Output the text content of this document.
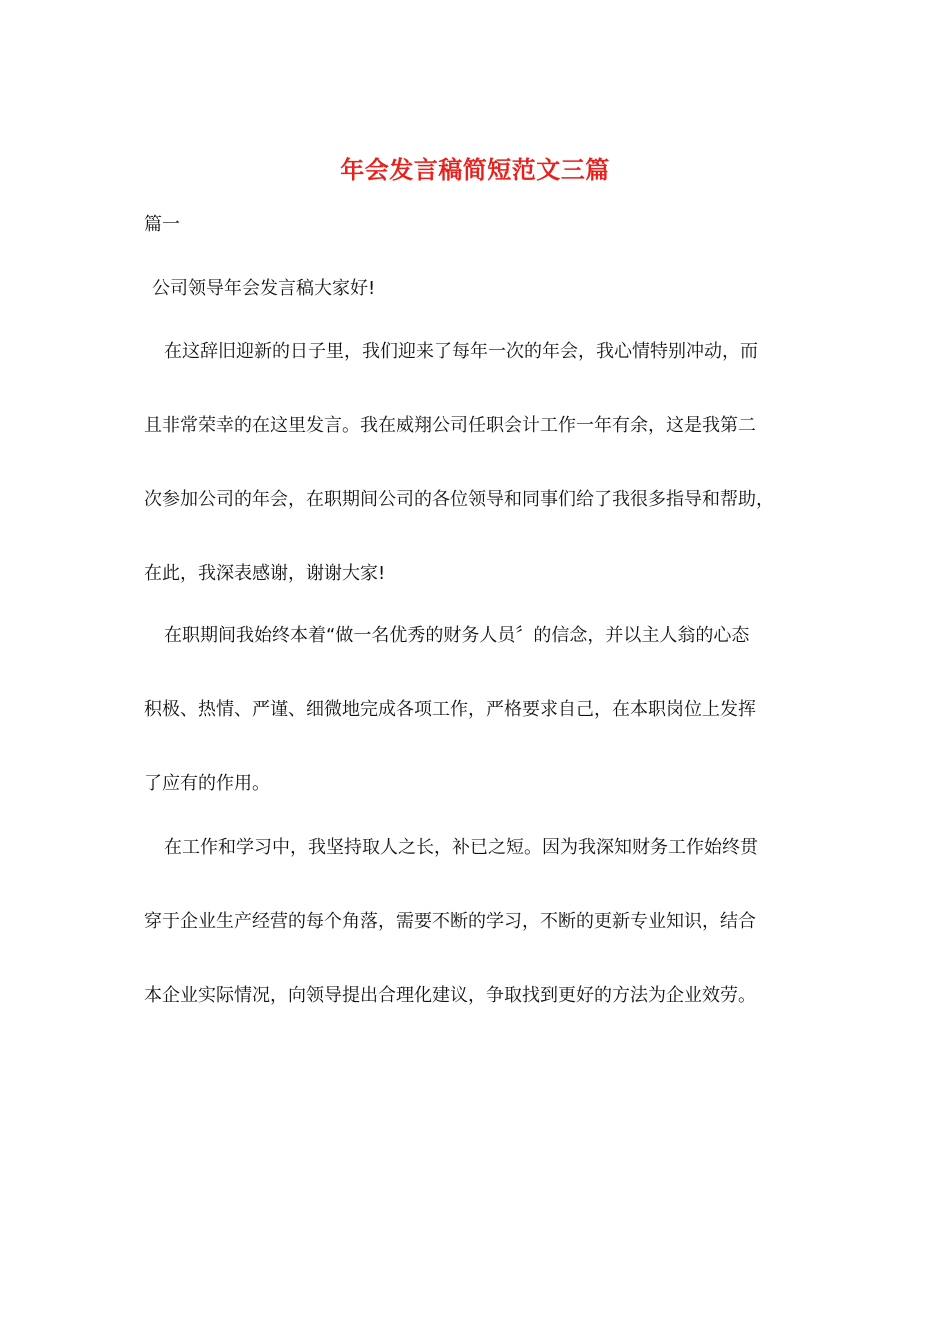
年会发言稿简短范文三篇

篇一

公司领导年会发言稿大家好!

在这辞旧迎新的日子里，我们迎来了每年一次的年会，我心情特别冲动，而
且非常荣幸的在这里发言。我在威翔公司任职会计工作一年有余，这是我第二
次参加公司的年会，在职期间公司的各位领导和同事们给了我很多指导和帮助，
在此，我深表感谢，谢谢大家!
在职期间我始终本着“做一名优秀的财务人员〞的信念，并以主人翁的心态
积极、热情、严谨、细微地完成各项工作，严格要求自己，在本职岗位上发挥
了应有的作用。
在工作和学习中，我坚持取人之长，补已之短。因为我深知财务工作始终贯
穿于企业生产经营的每个角落，需要不断的学习，不断的更新专业知识，结合
本企业实际情况，向领导提出合理化建议，争取找到更好的方法为企业效劳。
